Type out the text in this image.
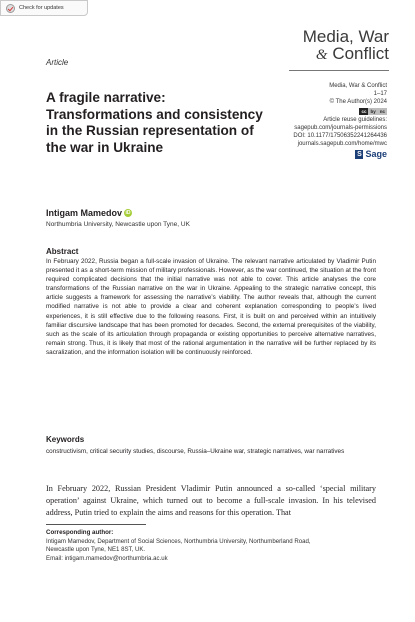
Check for updates
Media, War
& Conflict
Article
Media, War & Conflict
1–17
© The Author(s) 2024
cc by nc
Article reuse guidelines:
sagepub.com/journals-permissions
DOI: 10.1177/17506352241264436
journals.sagepub.com/home/mwc
S Sage
A fragile narrative: Transformations and consistency in the Russian representation of the war in Ukraine
Intigam Mamedov iD
Northumbria University, Newcastle upon Tyne, UK
Abstract

In February 2022, Russia began a full-scale invasion of Ukraine. The relevant narrative articulated by Vladimir Putin presented it as a short-term mission of military professionals. However, as the war continued, the situation at the front required complicated decisions that the initial narrative was not able to cover. This article analyses the core transformations of the Russian narrative on the war in Ukraine. Appealing to the strategic narrative concept, this article suggests a framework for assessing the narrative’s viability. The author reveals that, although the current modified narrative is not able to provide a clear and coherent explanation corresponding to people’s lived experiences, it is still effective due to the following reasons. First, it is built on and perceived within an intuitively familiar discursive landscape that has been promoted for decades. Second, the external prerequisites of the viability, such as the scale of its articulation through propaganda or existing opportunities to perceive alternative narratives, remain strong. Thus, it is likely that most of the rational argumentation in the narrative will be further replaced by its sacralization, and the information isolation will be continuously reinforced.

Keywords

constructivism, critical security studies, discourse, Russia–Ukraine war, strategic narratives, war narratives

In February 2022, Russian President Vladimir Putin announced a so-called ‘special military operation’ against Ukraine, which turned out to become a full-scale invasion. In his televised address, Putin tried to explain the aims and reasons for this operation. That

Corresponding author:
Intigam Mamedov, Department of Social Sciences, Northumbria University, Northumberland Road,
Newcastle upon Tyne, NE1 8ST, UK.
Email: intigam.mamedov@northumbria.ac.uk
